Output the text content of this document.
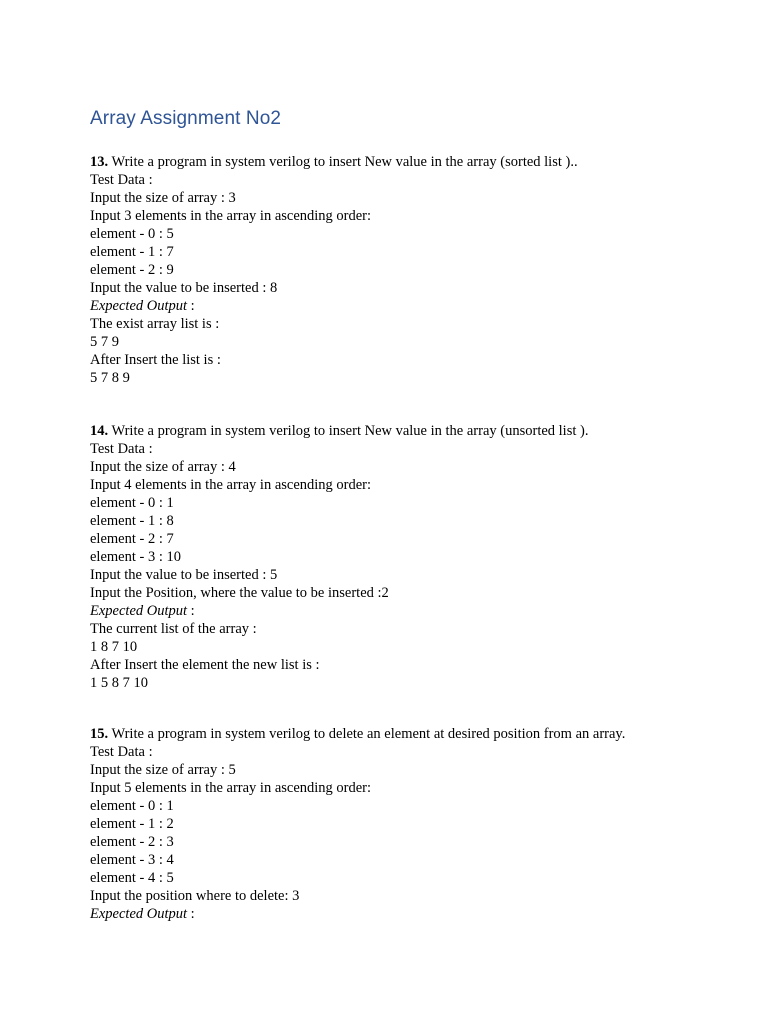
Array Assignment No2
13. Write a program in system verilog to insert New value in the array (sorted list )..
Test Data :
Input the size of array : 3
Input 3 elements in the array in ascending order:
element - 0 : 5
element - 1 : 7
element - 2 : 9
Input the value to be inserted : 8
Expected Output :
The exist array list is :
5 7 9
After Insert the list is :
5 7 8 9
14. Write a program in system verilog to insert New value in the array (unsorted list ).
Test Data :
Input the size of array : 4
Input 4 elements in the array in ascending order:
element - 0 : 1
element - 1 : 8
element - 2 : 7
element - 3 : 10
Input the value to be inserted : 5
Input the Position, where the value to be inserted :2
Expected Output :
The current list of the array :
1 8 7 10
After Insert the element the new list is :
1 5 8 7 10
15. Write a program in system verilog to delete an element at desired position from an array.
Test Data :
Input the size of array : 5
Input 5 elements in the array in ascending order:
element - 0 : 1
element - 1 : 2
element - 2 : 3
element - 3 : 4
element - 4 : 5
Input the position where to delete: 3
Expected Output :
